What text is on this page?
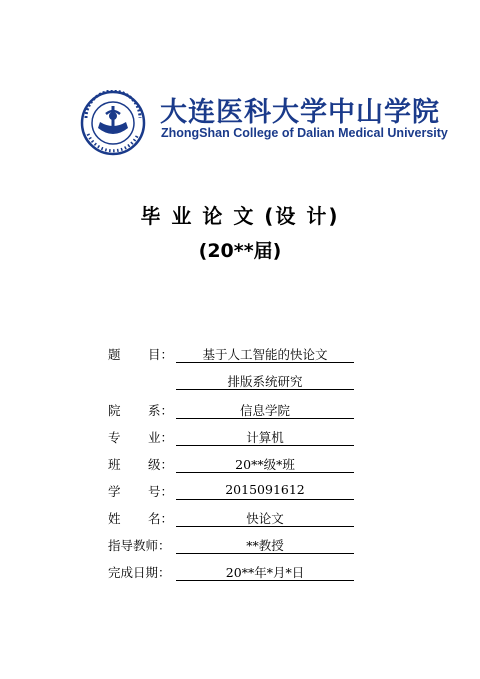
大连医科大学中山学院
ZhongShan College of Dalian Medical University
毕 业 论 文 (设 计)
(20**届)
题 目：	基于人工智能的快论文
排版系统研究
院 系：	信息学院
专 业：	计算机
班 级：	20**级*班
学 号：	2015091612
姓 名：	快论文
指导教师：	**教授
完成日期：	20**年*月*日
